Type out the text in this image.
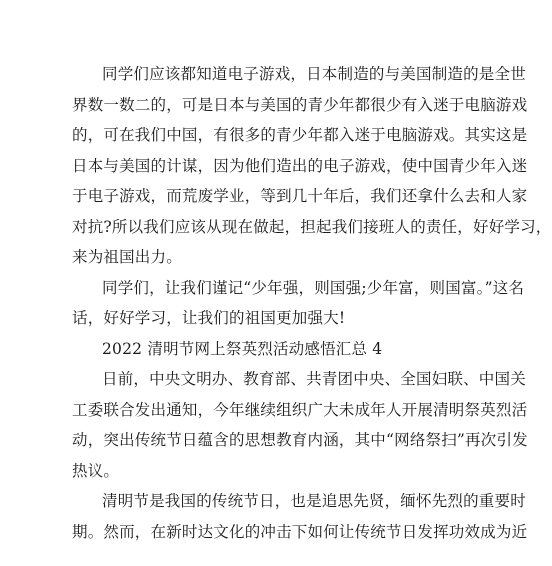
同学们应该都知道电子游戏，日本制造的与美国制造的是全世
界数一数二的，可是日本与美国的青少年都很少有入迷于电脑游戏
的，可在我们中国，有很多的青少年都入迷于电脑游戏。其实这是
日本与美国的计谋，因为他们造出的电子游戏，使中国青少年入迷
于电子游戏，而荒废学业，等到几十年后，我们还拿什么去和人家
对抗?所以我们应该从现在做起，担起我们接班人的责任，好好学习，
来为祖国出力。
同学们，让我们谨记“少年强，则国强;少年富，则国富。”这名
话，好好学习，让我们的祖国更加强大!
2022 清明节网上祭英烈活动感悟汇总 4
日前，中央文明办、教育部、共青团中央、全国妇联、中国关
工委联合发出通知，今年继续组织广大未成年人开展清明祭英烈活
动，突出传统节日蕴含的思想教育内涵，其中“网络祭扫”再次引发
热议。
清明节是我国的传统节日，也是追思先贤，缅怀先烈的重要时
期。然而，在新时达文化的冲击下如何让传统节日发挥功效成为近
